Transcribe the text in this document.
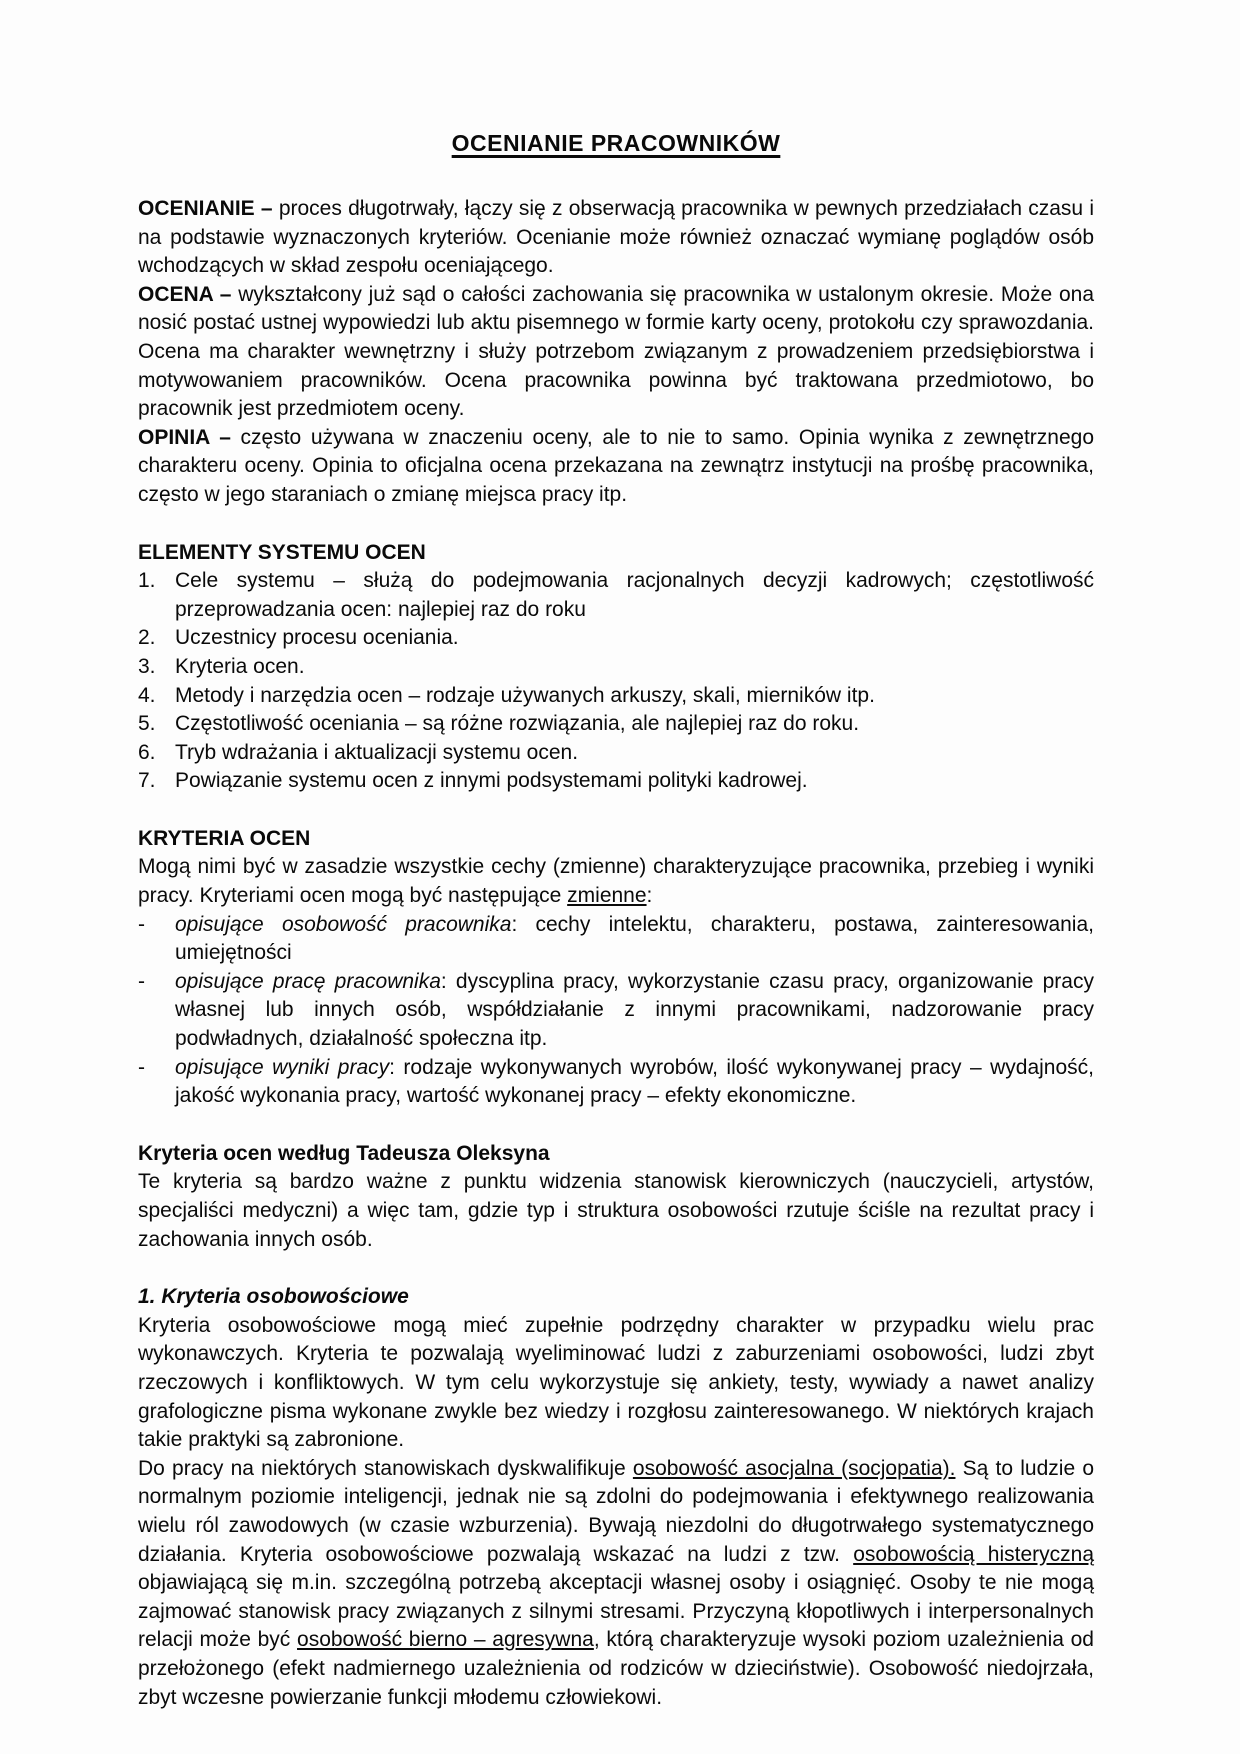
OCENIANIE PRACOWNIKÓW

OCENIANIE – proces długotrwały, łączy się z obserwacją pracownika w pewnych przedziałach czasu i na podstawie wyznaczonych kryteriów. Ocenianie może również oznaczać wymianę poglądów osób wchodzących w skład zespołu oceniającego.

OCENA – wykształcony już sąd o całości zachowania się pracownika w ustalonym okresie. Może ona nosić postać ustnej wypowiedzi lub aktu pisemnego w formie karty oceny, protokołu czy sprawozdania. Ocena ma charakter wewnętrzny i służy potrzebom związanym z prowadzeniem przedsiębiorstwa i motywowaniem pracowników. Ocena pracownika powinna być traktowana przedmiotowo, bo pracownik jest przedmiotem oceny.

OPINIA – często używana w znaczeniu oceny, ale to nie to samo. Opinia wynika z zewnętrznego charakteru oceny. Opinia to oficjalna ocena przekazana na zewnątrz instytucji na prośbę pracownika, często w jego staraniach o zmianę miejsca pracy itp.

ELEMENTY SYSTEMU OCEN
1. Cele systemu – służą do podejmowania racjonalnych decyzji kadrowych; częstotliwość przeprowadzania ocen: najlepiej raz do roku
2. Uczestnicy procesu oceniania.
3. Kryteria ocen.
4. Metody i narzędzia ocen – rodzaje używanych arkuszy, skali, mierników itp.
5. Częstotliwość oceniania – są różne rozwiązania, ale najlepiej raz do roku.
6. Tryb wdrażania i aktualizacji systemu ocen.
7. Powiązanie systemu ocen z innymi podsystemami polityki kadrowej.
KRYTERIA OCEN

Mogą nimi być w zasadzie wszystkie cechy (zmienne) charakteryzujące pracownika, przebieg i wyniki pracy. Kryteriami ocen mogą być następujące zmienne:

-	opisujące osobowość pracownika: cechy intelektu, charakteru, postawa, zainteresowania, umiejętności
-	opisujące pracę pracownika: dyscyplina pracy, wykorzystanie czasu pracy, organizowanie pracy własnej lub innych osób, współdziałanie z innymi pracownikami, nadzorowanie pracy podwładnych, działalność społeczna itp.
-	opisujące wyniki pracy: rodzaje wykonywanych wyrobów, ilość wykonywanej pracy – wydajność, jakość wykonania pracy, wartość wykonanej pracy – efekty ekonomiczne.
Kryteria ocen według Tadeusza Oleksyna

Te kryteria są bardzo ważne z punktu widzenia stanowisk kierowniczych (nauczycieli, artystów, specjaliści medyczni) a więc tam, gdzie typ i struktura osobowości rzutuje ściśle na rezultat pracy i zachowania innych osób.

1. Kryteria osobowościowe

Kryteria osobowościowe mogą mieć zupełnie podrzędny charakter w przypadku wielu prac wykonawczych. Kryteria te pozwalają wyeliminować ludzi z zaburzeniami osobowości, ludzi zbyt rzeczowych i konfliktowych. W tym celu wykorzystuje się ankiety, testy, wywiady a nawet analizy grafologiczne pisma wykonane zwykle bez wiedzy i rozgłosu zainteresowanego. W niektórych krajach takie praktyki są zabronione.

Do pracy na niektórych stanowiskach dyskwalifikuje osobowość asocjalna (socjopatia). Są to ludzie o normalnym poziomie inteligencji, jednak nie są zdolni do podejmowania i efektywnego realizowania wielu ról zawodowych (w czasie wzburzenia). Bywają niezdolni do długotrwałego systematycznego działania. Kryteria osobowościowe pozwalają wskazać na ludzi z tzw. osobowością histeryczną objawiającą się m.in. szczególną potrzebą akceptacji własnej osoby i osiągnięć. Osoby te nie mogą zajmować stanowisk pracy związanych z silnymi stresami. Przyczyną kłopotliwych i interpersonalnych relacji może być osobowość bierno – agresywna, którą charakteryzuje wysoki poziom uzależnienia od przełożonego (efekt nadmiernego uzależnienia od rodziców w dzieciństwie). Osobowość niedojrzała, zbyt wczesne powierzanie funkcji młodemu człowiekowi.
